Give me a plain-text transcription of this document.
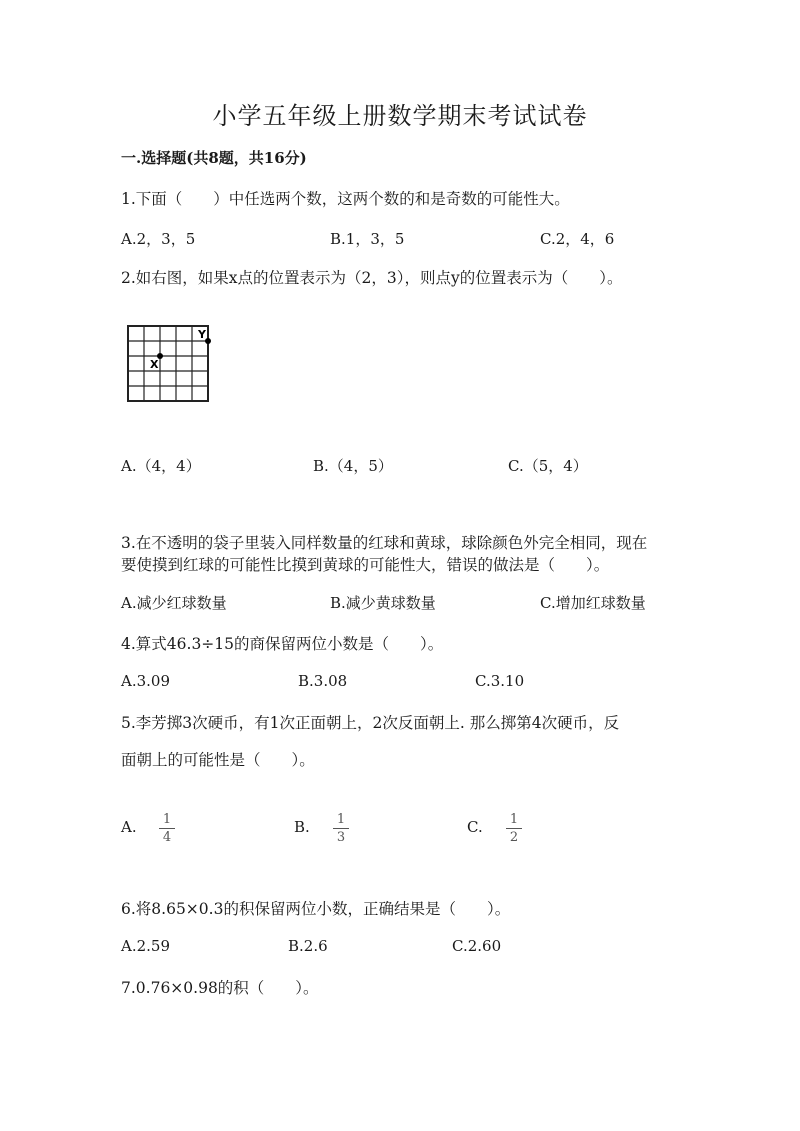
小学五年级上册数学期末考试试卷
一.选择题(共8题，共16分)
1.下面（　　）中任选两个数，这两个数的和是奇数的可能性大。
A.2，3，5	B.1，3，5	C.2，4，6
2.如右图，如果x点的位置表示为（2，3），则点y的位置表示为（　　）。
X
Y
A.（4，4）	B.（4，5）	C.（5，4）
3.在不透明的袋子里装入同样数量的红球和黄球，球除颜色外完全相同，现在
要使摸到红球的可能性比摸到黄球的可能性大，错误的做法是（　　）。
A.减少红球数量	B.减少黄球数量	C.增加红球数量
4.算式46.3÷15的商保留两位小数是（　　）。
A.3.09	B.3.08	C.3.10
5.李芳掷3次硬币，有1次正面朝上，2次反面朝上. 那么掷第4次硬币，反
面朝上的可能性是（　　）。
A.	1
4
B.	1
3
C.	1
2
6.将8.65×0.3的积保留两位小数，正确结果是（　　）。
A.2.59	B.2.6	C.2.60
7.0.76×0.98的积（　　）。
